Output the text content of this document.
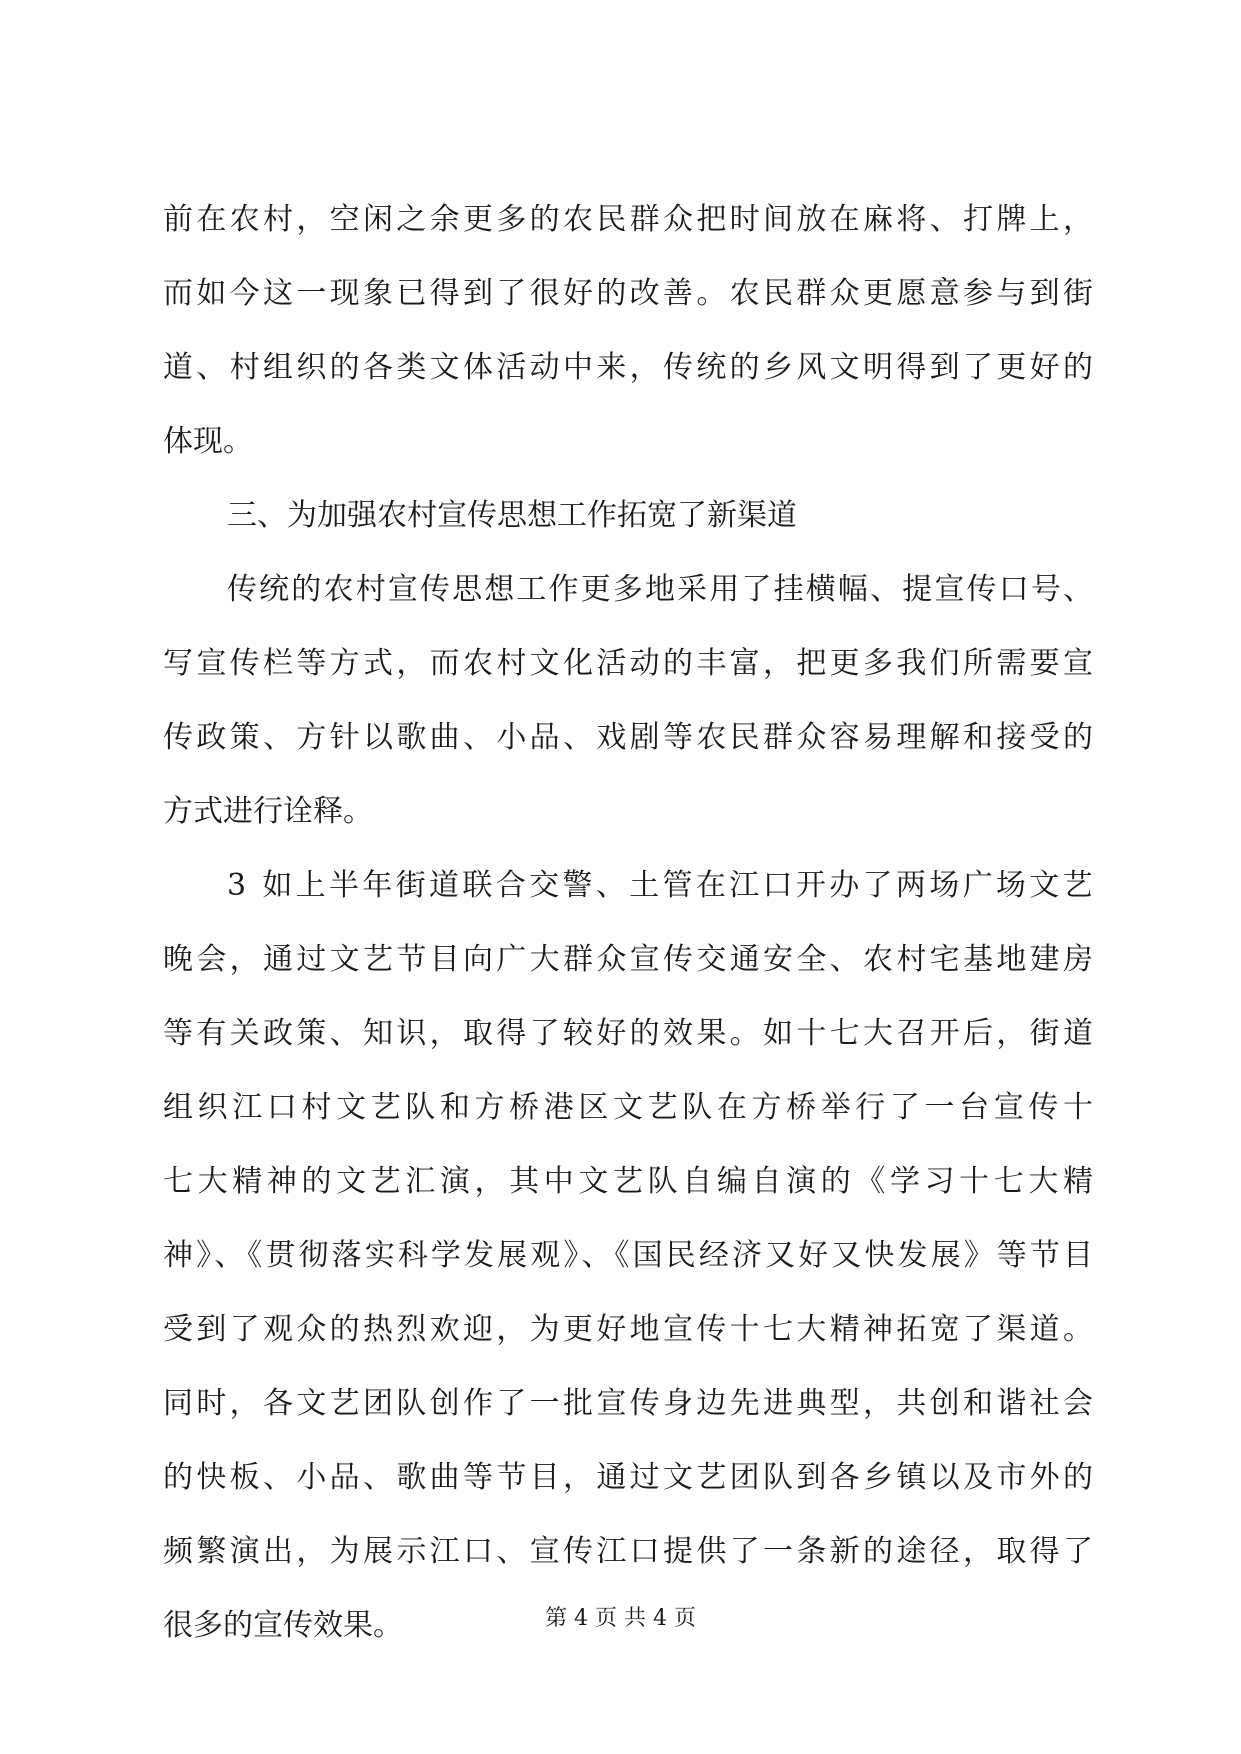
前在农村，空闲之余更多的农民群众把时间放在麻将、打牌上，
而如今这一现象已得到了很好的改善。农民群众更愿意参与到街
道、村组织的各类文体活动中来，传统的乡风文明得到了更好的
体现。
三、为加强农村宣传思想工作拓宽了新渠道
传统的农村宣传思想工作更多地采用了挂横幅、提宣传口号、
写宣传栏等方式，而农村文化活动的丰富，把更多我们所需要宣
传政策、方针以歌曲、小品、戏剧等农民群众容易理解和接受的
方式进行诠释。
3 如上半年街道联合交警、土管在江口开办了两场广场文艺
晚会，通过文艺节目向广大群众宣传交通安全、农村宅基地建房
等有关政策、知识，取得了较好的效果。如十七大召开后，街道
组织江口村文艺队和方桥港区文艺队在方桥举行了一台宣传十
七大精神的文艺汇演，其中文艺队自编自演的《学习十七大精
神》、《贯彻落实科学发展观》、《国民经济又好又快发展》等节目
受到了观众的热烈欢迎，为更好地宣传十七大精神拓宽了渠道。
同时，各文艺团队创作了一批宣传身边先进典型，共创和谐社会
的快板、小品、歌曲等节目，通过文艺团队到各乡镇以及市外的
频繁演出，为展示江口、宣传江口提供了一条新的途径，取得了
很多的宣传效果。	第 4 页 共 4 页
